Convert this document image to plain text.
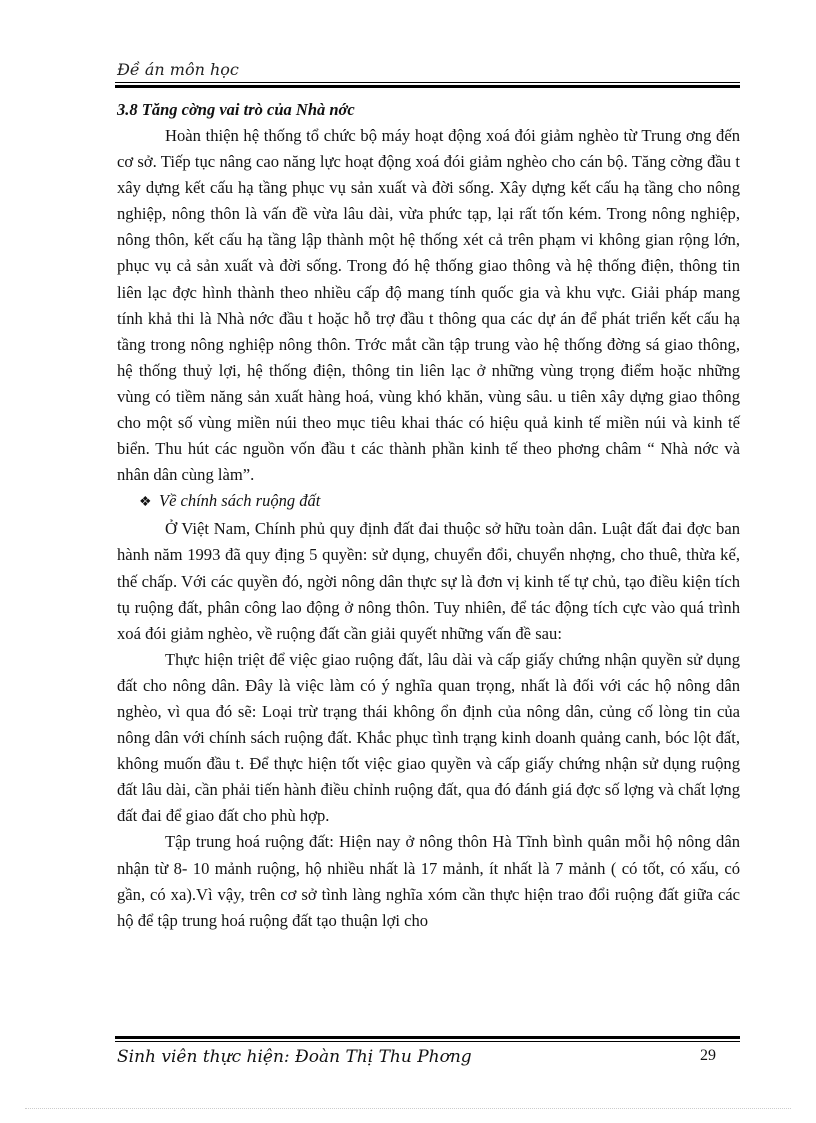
Đề án môn học

3.8 Tăng cờng vai trò của Nhà nớc

Hoàn thiện hệ thống tổ chức bộ máy hoạt động xoá đói giảm nghèo từ Trung ơng đến cơ sở. Tiếp tục nâng cao năng lực hoạt động xoá đói giảm nghèo cho cán bộ. Tăng cờng đầu t xây dựng kết cấu hạ tầng phục vụ sản xuất và đời sống. Xây dựng kết cấu hạ tầng cho nông nghiệp, nông thôn là vấn đề vừa lâu dài, vừa phức tạp, lại rất tốn kém. Trong nông nghiệp, nông thôn, kết cấu hạ tầng lập thành một hệ thống xét cả trên phạm vi không gian rộng lớn, phục vụ cả sản xuất và đời sống. Trong đó hệ thống giao thông và hệ thống điện, thông tin liên lạc đợc hình thành theo nhiều cấp độ mang tính quốc gia và khu vực. Giải pháp mang tính khả thi là Nhà nớc đầu t hoặc hỗ trợ đầu t thông qua các dự án để phát triển kết cấu hạ tầng trong nông nghiệp nông thôn. Trớc mắt cần tập trung vào hệ thống đờng sá giao thông, hệ thống thuỷ lợi, hệ thống điện, thông tin liên lạc ở những vùng trọng điểm hoặc những vùng có tiềm năng sản xuất hàng hoá, vùng khó khăn, vùng sâu. u tiên xây dựng giao thông cho một số vùng miền núi theo mục tiêu khai thác có hiệu quả kinh tế miền núi và kinh tế biển. Thu hút các nguồn vốn đầu t các thành phần kinh tế theo phơng châm “ Nhà nớc và nhân dân cùng làm”.

❖ Về chính sách ruộng đất

Ở Việt Nam, Chính phủ quy định đất đai thuộc sở hữu toàn dân. Luật đất đai đợc ban hành năm 1993 đã quy địng 5 quyền: sử dụng, chuyển đổi, chuyển nhợng, cho thuê, thừa kế, thế chấp. Với các quyền đó, ngời nông dân thực sự là đơn vị kinh tế tự chủ, tạo điều kiện tích tụ ruộng đất, phân công lao động ở nông thôn. Tuy nhiên, để tác động tích cực vào quá trình xoá đói giảm nghèo, về ruộng đất cần giải quyết những vấn đề sau:

Thực hiện triệt để việc giao ruộng đất, lâu dài và cấp giấy chứng nhận quyền sử dụng đất cho nông dân. Đây là việc làm có ý nghĩa quan trọng, nhất là đối với các hộ nông dân nghèo, vì qua đó sẽ: Loại trừ trạng thái không ổn định của nông dân, củng cố lòng tin của nông dân với chính sách ruộng đất. Khắc phục tình trạng kinh doanh quảng canh, bóc lột đất, không muốn đầu t. Để thực hiện tốt việc giao quyền và cấp giấy chứng nhận sử dụng ruộng đất lâu dài, cần phải tiến hành điều chỉnh ruộng đất, qua đó đánh giá đợc số lợng và chất lợng đất đai để giao đất cho phù hợp.

Tập trung hoá ruộng đất: Hiện nay ở nông thôn Hà Tĩnh bình quân mỗi hộ nông dân nhận từ 8- 10 mảnh ruộng, hộ nhiều nhất là 17 mảnh, ít nhất là 7 mảnh ( có tốt, có xấu, có gần, có xa).Vì vậy, trên cơ sở tình làng nghĩa xóm cần thực hiện trao đổi ruộng đất giữa các hộ để tập trung hoá ruộng đất tạo thuận lợi cho

Sinh viên thực hiện: Đoàn Thị Thu Phơng	29
